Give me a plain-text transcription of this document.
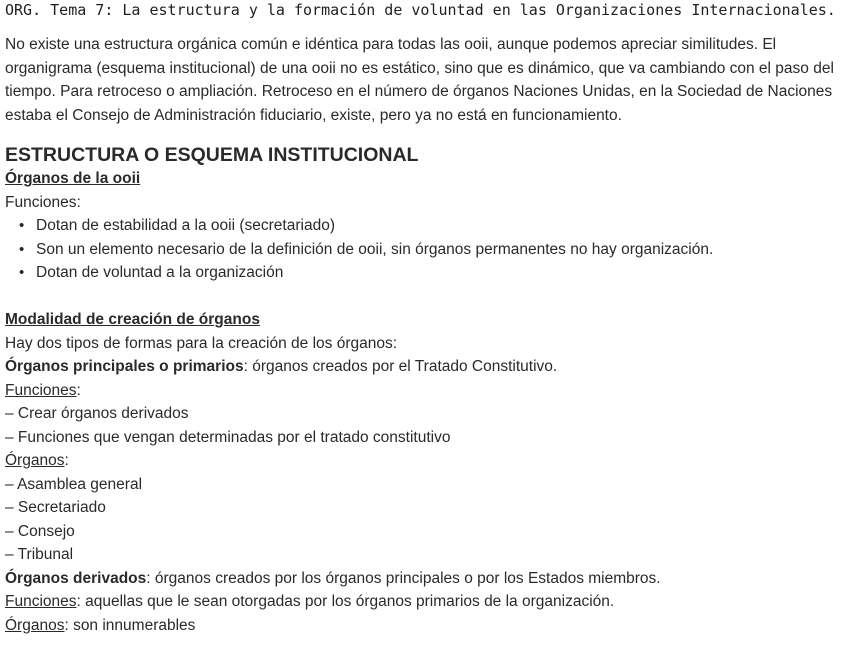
ORG. Tema 7: La estructura y la formación de voluntad en las Organizaciones Internacionales.

No existe una estructura orgánica común e idéntica para todas las ooii, aunque podemos apreciar similitudes. El organigrama (esquema institucional) de una ooii no es estático, sino que es dinámico, que va cambiando con el paso del tiempo. Para retroceso o ampliación. Retroceso en el número de órganos Naciones Unidas, en la Sociedad de Naciones estaba el Consejo de Administración fiduciario, existe, pero ya no está en funcionamiento.

ESTRUCTURA O ESQUEMA INSTITUCIONAL

Órganos de la ooii

Funciones:

• Dotan de estabilidad a la ooii (secretariado)
• Son un elemento necesario de la definición de ooii, sin órganos permanentes no hay organización.
• Dotan de voluntad a la organización

Modalidad de creación de órganos

Hay dos tipos de formas para la creación de los órganos:

Órganos principales o primarios: órganos creados por el Tratado Constitutivo.

Funciones:

– Crear órganos derivados

– Funciones que vengan determinadas por el tratado constitutivo

Órganos:

– Asamblea general

– Secretariado

– Consejo

– Tribunal

Órganos derivados: órganos creados por los órganos principales o por los Estados miembros.

Funciones: aquellas que le sean otorgadas por los órganos primarios de la organización.

Órganos: son innumerables
